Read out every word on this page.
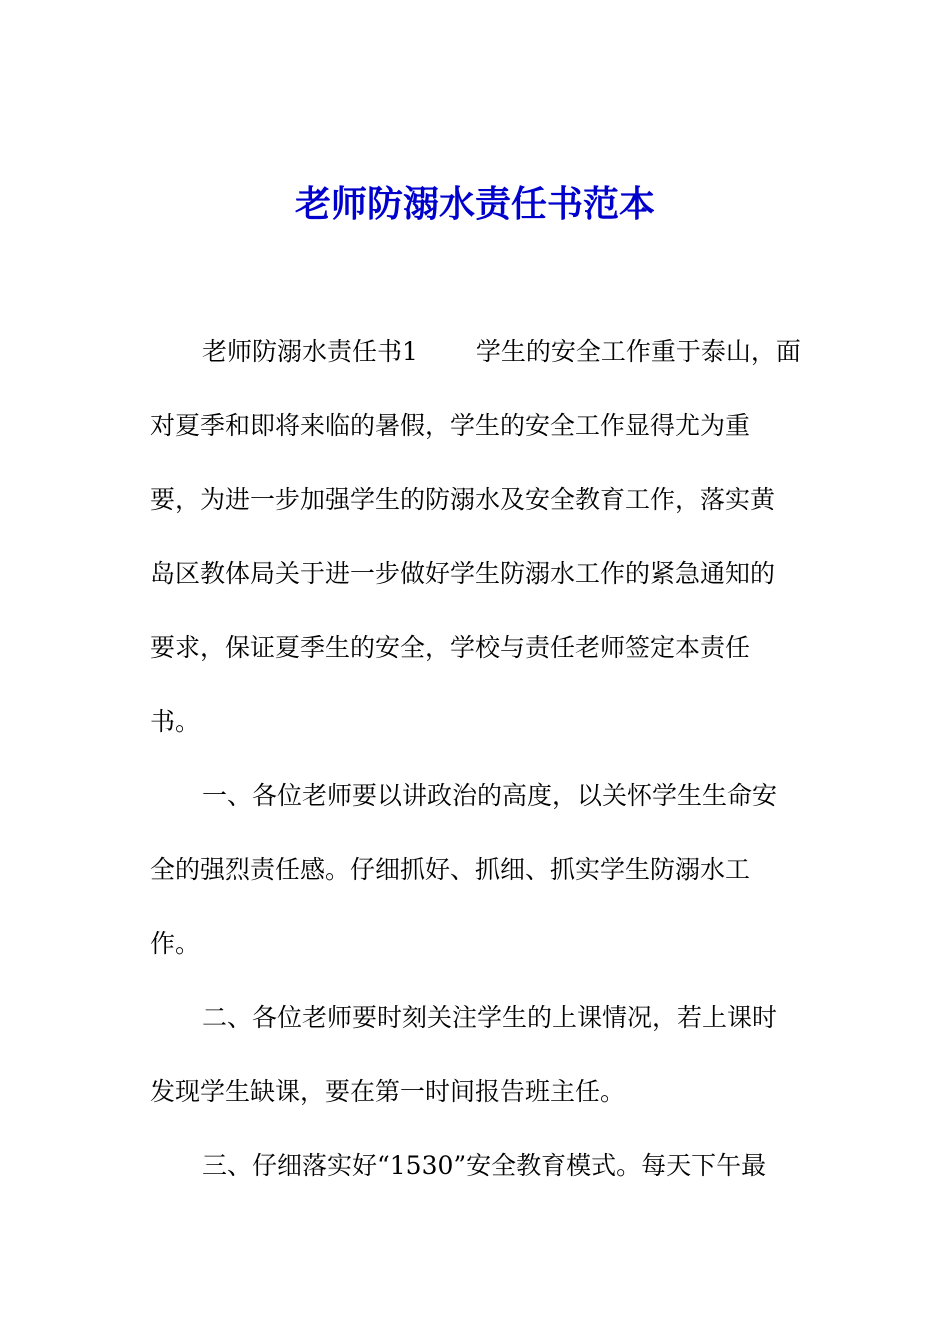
老师防溺水责任书范本

老师防溺水责任书1　　 学生的安全工作重于泰山，面

对夏季和即将来临的暑假，学生的安全工作显得尤为重

要，为进一步加强学生的防溺水及安全教育工作，落实黄

岛区教体局关于进一步做好学生防溺水工作的紧急通知的

要求，保证夏季生的安全，学校与责任老师签定本责任

书。

一、各位老师要以讲政治的高度，以关怀学生生命安

全的强烈责任感。仔细抓好、抓细、抓实学生防溺水工

作。

二、各位老师要时刻关注学生的上课情况，若上课时

发现学生缺课，要在第一时间报告班主任。

三、仔细落实好“1530”安全教育模式。每天下午最
